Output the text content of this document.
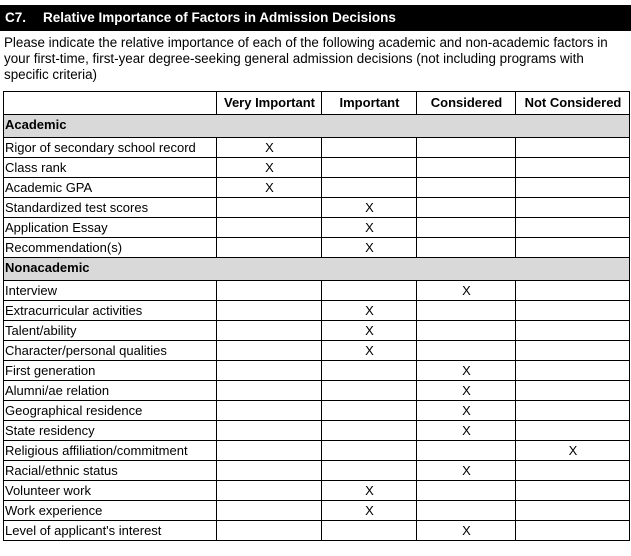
C7. Relative Importance of Factors in Admission Decisions
Please indicate the relative importance of each of the following academic and non-academic factors in your first-time, first-year degree-seeking general admission decisions (not including programs with specific criteria)
	Very Important	Important	Considered	Not Considered
Academic				
Rigor of secondary school record	X			
Class rank	X			
Academic GPA	X			
Standardized test scores		X		
Application Essay		X		
Recommendation(s)		X		
Nonacademic				
Interview			X	
Extracurricular activities		X		
Talent/ability		X		
Character/personal qualities		X		
First generation			X	
Alumni/ae relation			X	
Geographical residence			X	
State residency			X	
Religious affiliation/commitment				X
Racial/ethnic status			X	
Volunteer work		X		
Work experience		X		
Level of applicant's interest			X	
